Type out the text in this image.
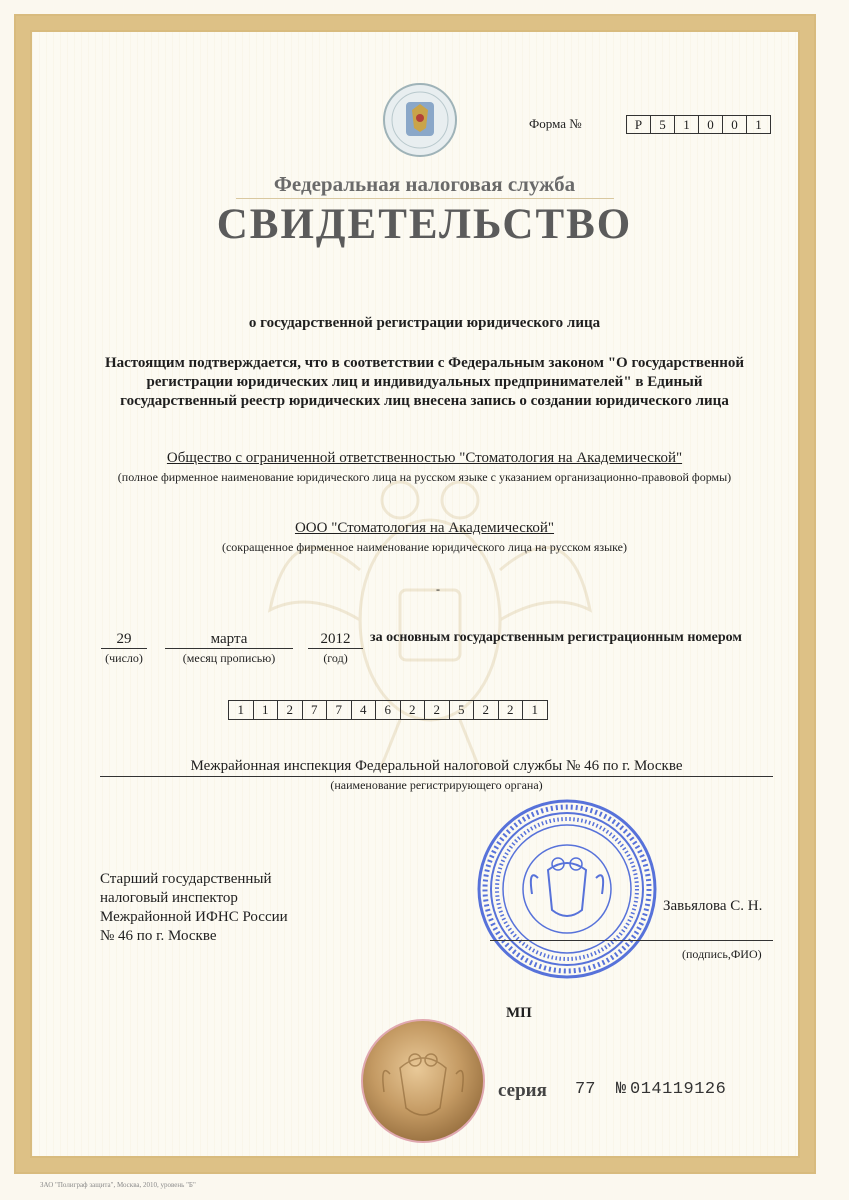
Форма №	Р	5	1	0	0	1
Федеральная налоговая служба
СВИДЕТЕЛЬСТВО
о государственной регистрации юридического лица
Настоящим подтверждается, что в соответствии с Федеральным законом "О государственной регистрации юридических лиц и индивидуальных предпринимателей" в Единый государственный реестр юридических лиц внесена запись о создании юридического лица
Общество с ограниченной ответственностью "Стоматология на Академической"
(полное фирменное наименование юридического лица на русском языке с указанием организационно-правовой формы)
ООО "Стоматология на Академической"
(сокращенное фирменное наименование юридического лица на русском языке)
-
29
(число)
марта
(месяц прописью)
2012
(год)
за основным государственным регистрационным номером
1	1	2	7	7	4	6	2	2	5	2	2	1
Межрайонная инспекция Федеральной налоговой службы № 46 по г. Москве
(наименование регистрирующего органа)
Старший государственный
налоговый инспектор
Межрайонной ИФНС России
№ 46 по г. Москве
Завьялова С. Н.
(подпись,ФИО)
МП
серия 77 № 014119126
ЗАО "Полиграф защита", Москва, 2010, уровень "Б"
